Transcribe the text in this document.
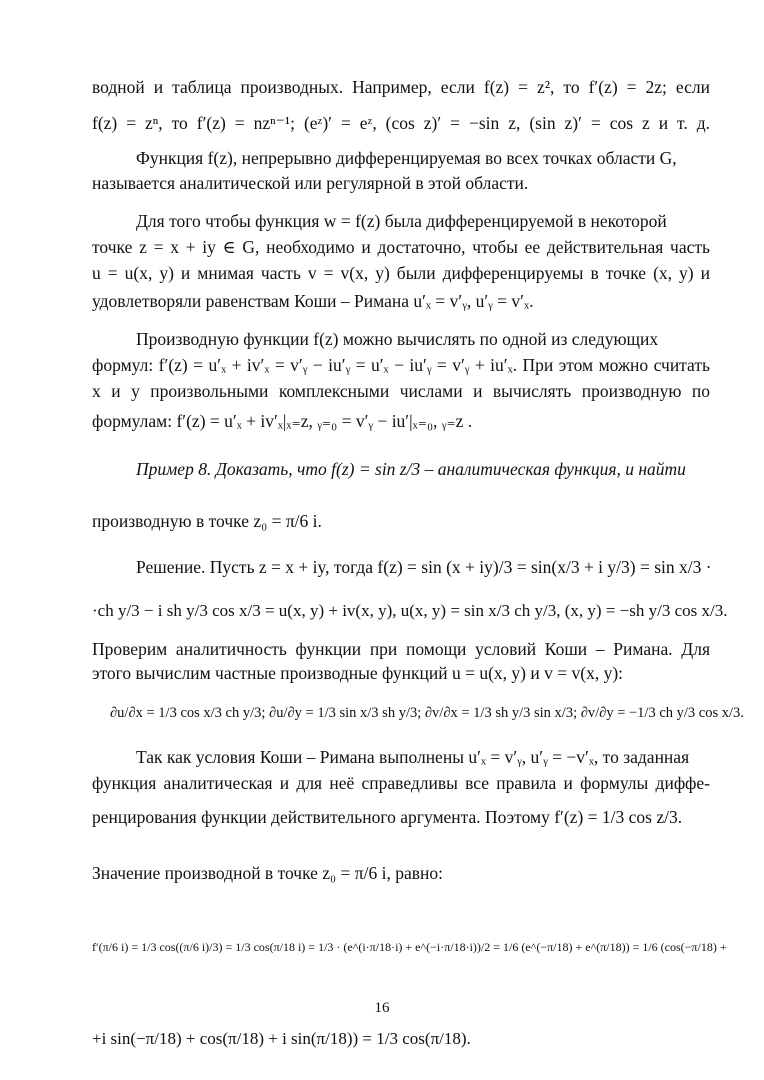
водной и таблица производных. Например, если f(z) = z², то f′(z) = 2z; если
f(z) = zⁿ, то f′(z) = nzⁿ⁻¹; (eᶻ)′ = eᶻ, (cos z)′ = −sin z, (sin z)′ = cos z и т. д.
Функция f(z), непрерывно дифференцируемая во всех точках области G,
называется аналитической или регулярной в этой области.
Для того чтобы функция w = f(z) была дифференцируемой в некоторой
точке z = x + iy ∈ G, необходимо и достаточно, чтобы ее действительная часть
u = u(x, y) и мнимая часть v = v(x, y) были дифференцируемы в точке (x, y) и
удовлетворяли равенствам Коши – Римана u′ₓ = v′ᵧ, u′ᵧ = v′ₓ.
Производную функции f(z) можно вычислять по одной из следующих
формул: f′(z) = u′ₓ + iv′ₓ = v′ᵧ − iu′ᵧ = u′ₓ − iu′ᵧ = v′ᵧ + iu′ₓ. При этом можно считать
x и y произвольными комплексными числами и вычислять производную по
формулам: f′(z) = u′ₓ + iv′ₓ|ₓ₌z, ᵧ₌₀ = v′ᵧ − iu′|ₓ₌₀, ᵧ₌z .
Пример 8. Доказать, что f(z) = sin z/3 – аналитическая функция, и найти
производную в точке z₀ = π/6 i.
Решение. Пусть z = x + iy, тогда f(z) = sin (x + iy)/3 = sin(x/3 + i y/3) = sin x/3 ·
·ch y/3 − i sh y/3 cos x/3 = u(x, y) + iv(x, y), u(x, y) = sin x/3 ch y/3, (x, y) = −sh y/3 cos x/3.
Проверим аналитичность функции при помощи условий Коши – Римана. Для
этого вычислим частные производные функций u = u(x, y) и v = v(x, y):
∂u/∂x = 1/3 cos x/3 ch y/3; ∂u/∂y = 1/3 sin x/3 sh y/3; ∂v/∂x = 1/3 sh y/3 sin x/3; ∂v/∂y = −1/3 ch y/3 cos x/3.
Так как условия Коши – Римана выполнены u′ₓ = v′ᵧ, u′ᵧ = −v′ₓ, то заданная
функция аналитическая и для неё справедливы все правила и формулы диффе-
ренцирования функции действительного аргумента. Поэтому f′(z) = 1/3 cos z/3.
Значение производной в точке z₀ = π/6 i, равно:
f′(π/6 i) = 1/3 cos((π/6 i)/3) = 1/3 cos(π/18 i) = 1/3 · (e^(i·π/18·i) + e^(−i·π/18·i))/2 = 1/6 (e^(−π/18) + e^(π/18)) = 1/6 (cos(−π/18) +
+i sin(−π/18) + cos(π/18) + i sin(π/18)) = 1/3 cos(π/18).
16
